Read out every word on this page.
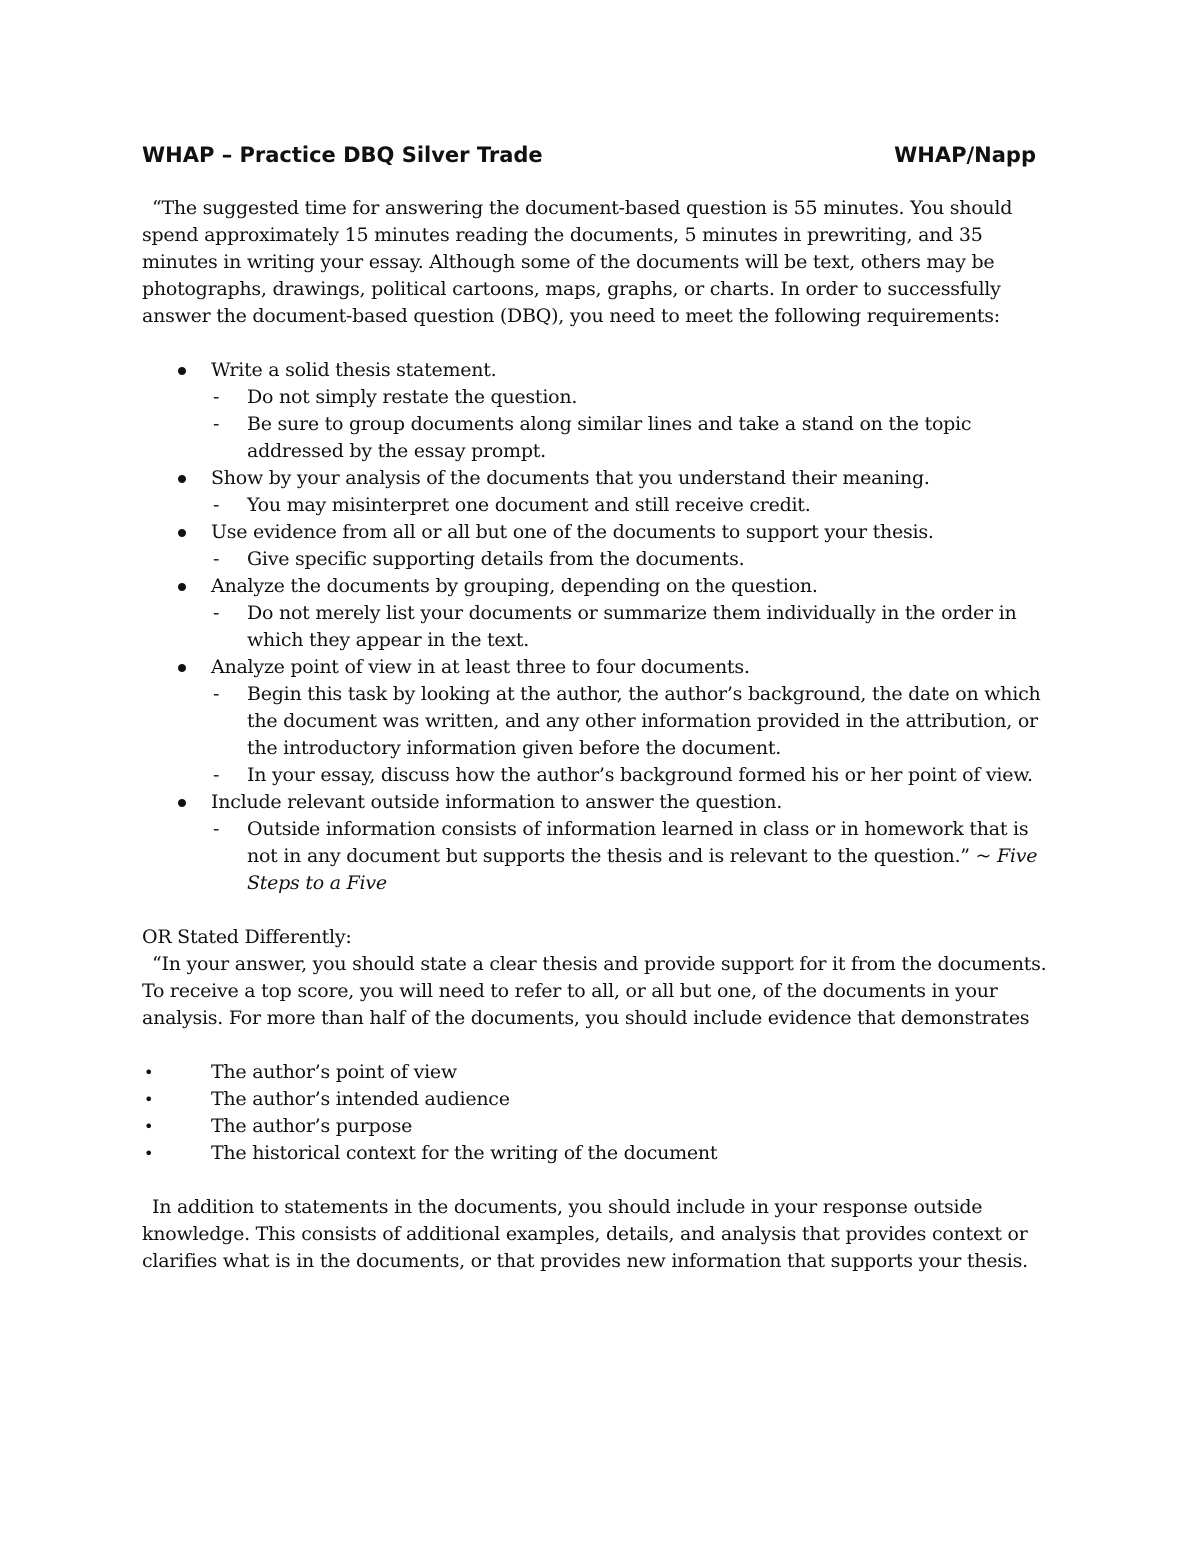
WHAP – Practice DBQ Silver Trade	WHAP/Napp

“The suggested time for answering the document-based question is 55 minutes. You should spend approximately 15 minutes reading the documents, 5 minutes in prewriting, and 35 minutes in writing your essay. Although some of the documents will be text, others may be photographs, drawings, political cartoons, maps, graphs, or charts. In order to successfully answer the document-based question (DBQ), you need to meet the following requirements:

Write a solid thesis statement.
- Do not simply restate the question.
- Be sure to group documents along similar lines and take a stand on the topic addressed by the essay prompt.
Show by your analysis of the documents that you understand their meaning.
- You may misinterpret one document and still receive credit.
Use evidence from all or all but one of the documents to support your thesis.
- Give specific supporting details from the documents.
Analyze the documents by grouping, depending on the question.
- Do not merely list your documents or summarize them individually in the order in which they appear in the text.
Analyze point of view in at least three to four documents.
- Begin this task by looking at the author, the author’s background, the date on which the document was written, and any other information provided in the attribution, or the introductory information given before the document.
- In your essay, discuss how the author’s background formed his or her point of view.
Include relevant outside information to answer the question.
- Outside information consists of information learned in class or in homework that is not in any document but supports the thesis and is relevant to the question.” ~ Five Steps to a Five

OR Stated Differently:

“In your answer, you should state a clear thesis and provide support for it from the documents. To receive a top score, you will need to refer to all, or all but one, of the documents in your analysis. For more than half of the documents, you should include evidence that demonstrates

•	The author’s point of view
•	The author’s intended audience
•	The author’s purpose
•	The historical context for the writing of the document

In addition to statements in the documents, you should include in your response outside knowledge. This consists of additional examples, details, and analysis that provides context or clarifies what is in the documents, or that provides new information that supports your thesis.
